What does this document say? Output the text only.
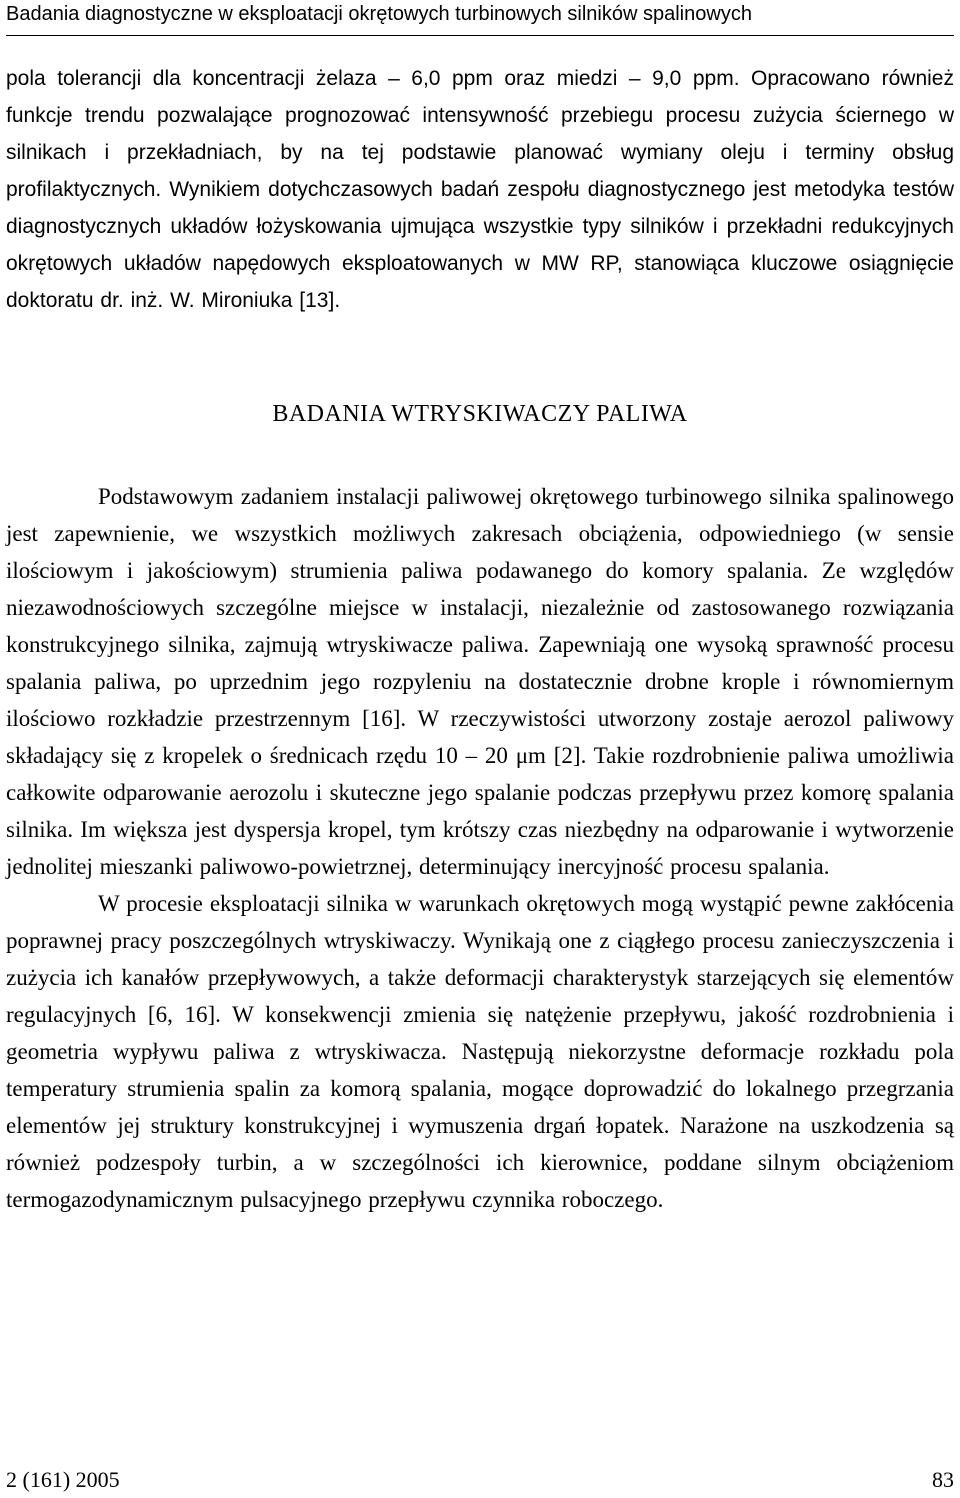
Badania diagnostyczne w eksploatacji okrętowych turbinowych silników spalinowych

pola tolerancji dla koncentracji żelaza – 6,0 ppm oraz miedzi – 9,0 ppm. Opracowano również funkcje trendu pozwalające prognozować intensywność przebiegu procesu zużycia ściernego w silnikach i przekładniach, by na tej podstawie planować wymiany oleju i terminy obsług profilaktycznych. Wynikiem dotychczasowych badań zespołu diagnostycznego jest metodyka testów diagnostycznych układów łożyskowania ujmująca wszystkie typy silników i przekładni redukcyjnych okrętowych układów napędowych eksploatowanych w MW RP, stanowiąca kluczowe osiągnięcie doktoratu dr. inż. W. Mironiuka [13].

BADANIA WTRYSKIWACZY PALIWA

Podstawowym zadaniem instalacji paliwowej okrętowego turbinowego silnika spalinowego jest zapewnienie, we wszystkich możliwych zakresach obciążenia, odpowiedniego (w sensie ilościowym i jakościowym) strumienia paliwa podawanego do komory spalania. Ze względów niezawodnościowych szczególne miejsce w instalacji, niezależnie od zastosowanego rozwiązania konstrukcyjnego silnika, zajmują wtryskiwacze paliwa. Zapewniają one wysoką sprawność procesu spalania paliwa, po uprzednim jego rozpyleniu na dostatecznie drobne krople i równomiernym ilościowo rozkładzie przestrzennym [16]. W rzeczywistości utworzony zostaje aerozol paliwowy składający się z kropelek o średnicach rzędu 10 – 20 μm [2]. Takie rozdrobnienie paliwa umożliwia całkowite odparowanie aerozolu i skuteczne jego spalanie podczas przepływu przez komorę spalania silnika. Im większa jest dyspersja kropel, tym krótszy czas niezbędny na odparowanie i wytworzenie jednolitej mieszanki paliwowo-powietrznej, determinujący inercyjność procesu spalania.

W procesie eksploatacji silnika w warunkach okrętowych mogą wystąpić pewne zakłócenia poprawnej pracy poszczególnych wtryskiwaczy. Wynikają one z ciągłego procesu zanieczyszczenia i zużycia ich kanałów przepływowych, a także deformacji charakterystyk starzejących się elementów regulacyjnych [6, 16]. W konsekwencji zmienia się natężenie przepływu, jakość rozdrobnienia i geometria wypływu paliwa z wtryskiwacza. Następują niekorzystne deformacje rozkładu pola temperatury strumienia spalin za komorą spalania, mogące doprowadzić do lokalnego przegrzania elementów jej struktury konstrukcyjnej i wymuszenia drgań łopatek. Narażone na uszkodzenia są również podzespoły turbin, a w szczególności ich kierownice, poddane silnym obciążeniom termogazodynamicznym pulsacyjnego przepływu czynnika roboczego.

2 (161) 2005	83
